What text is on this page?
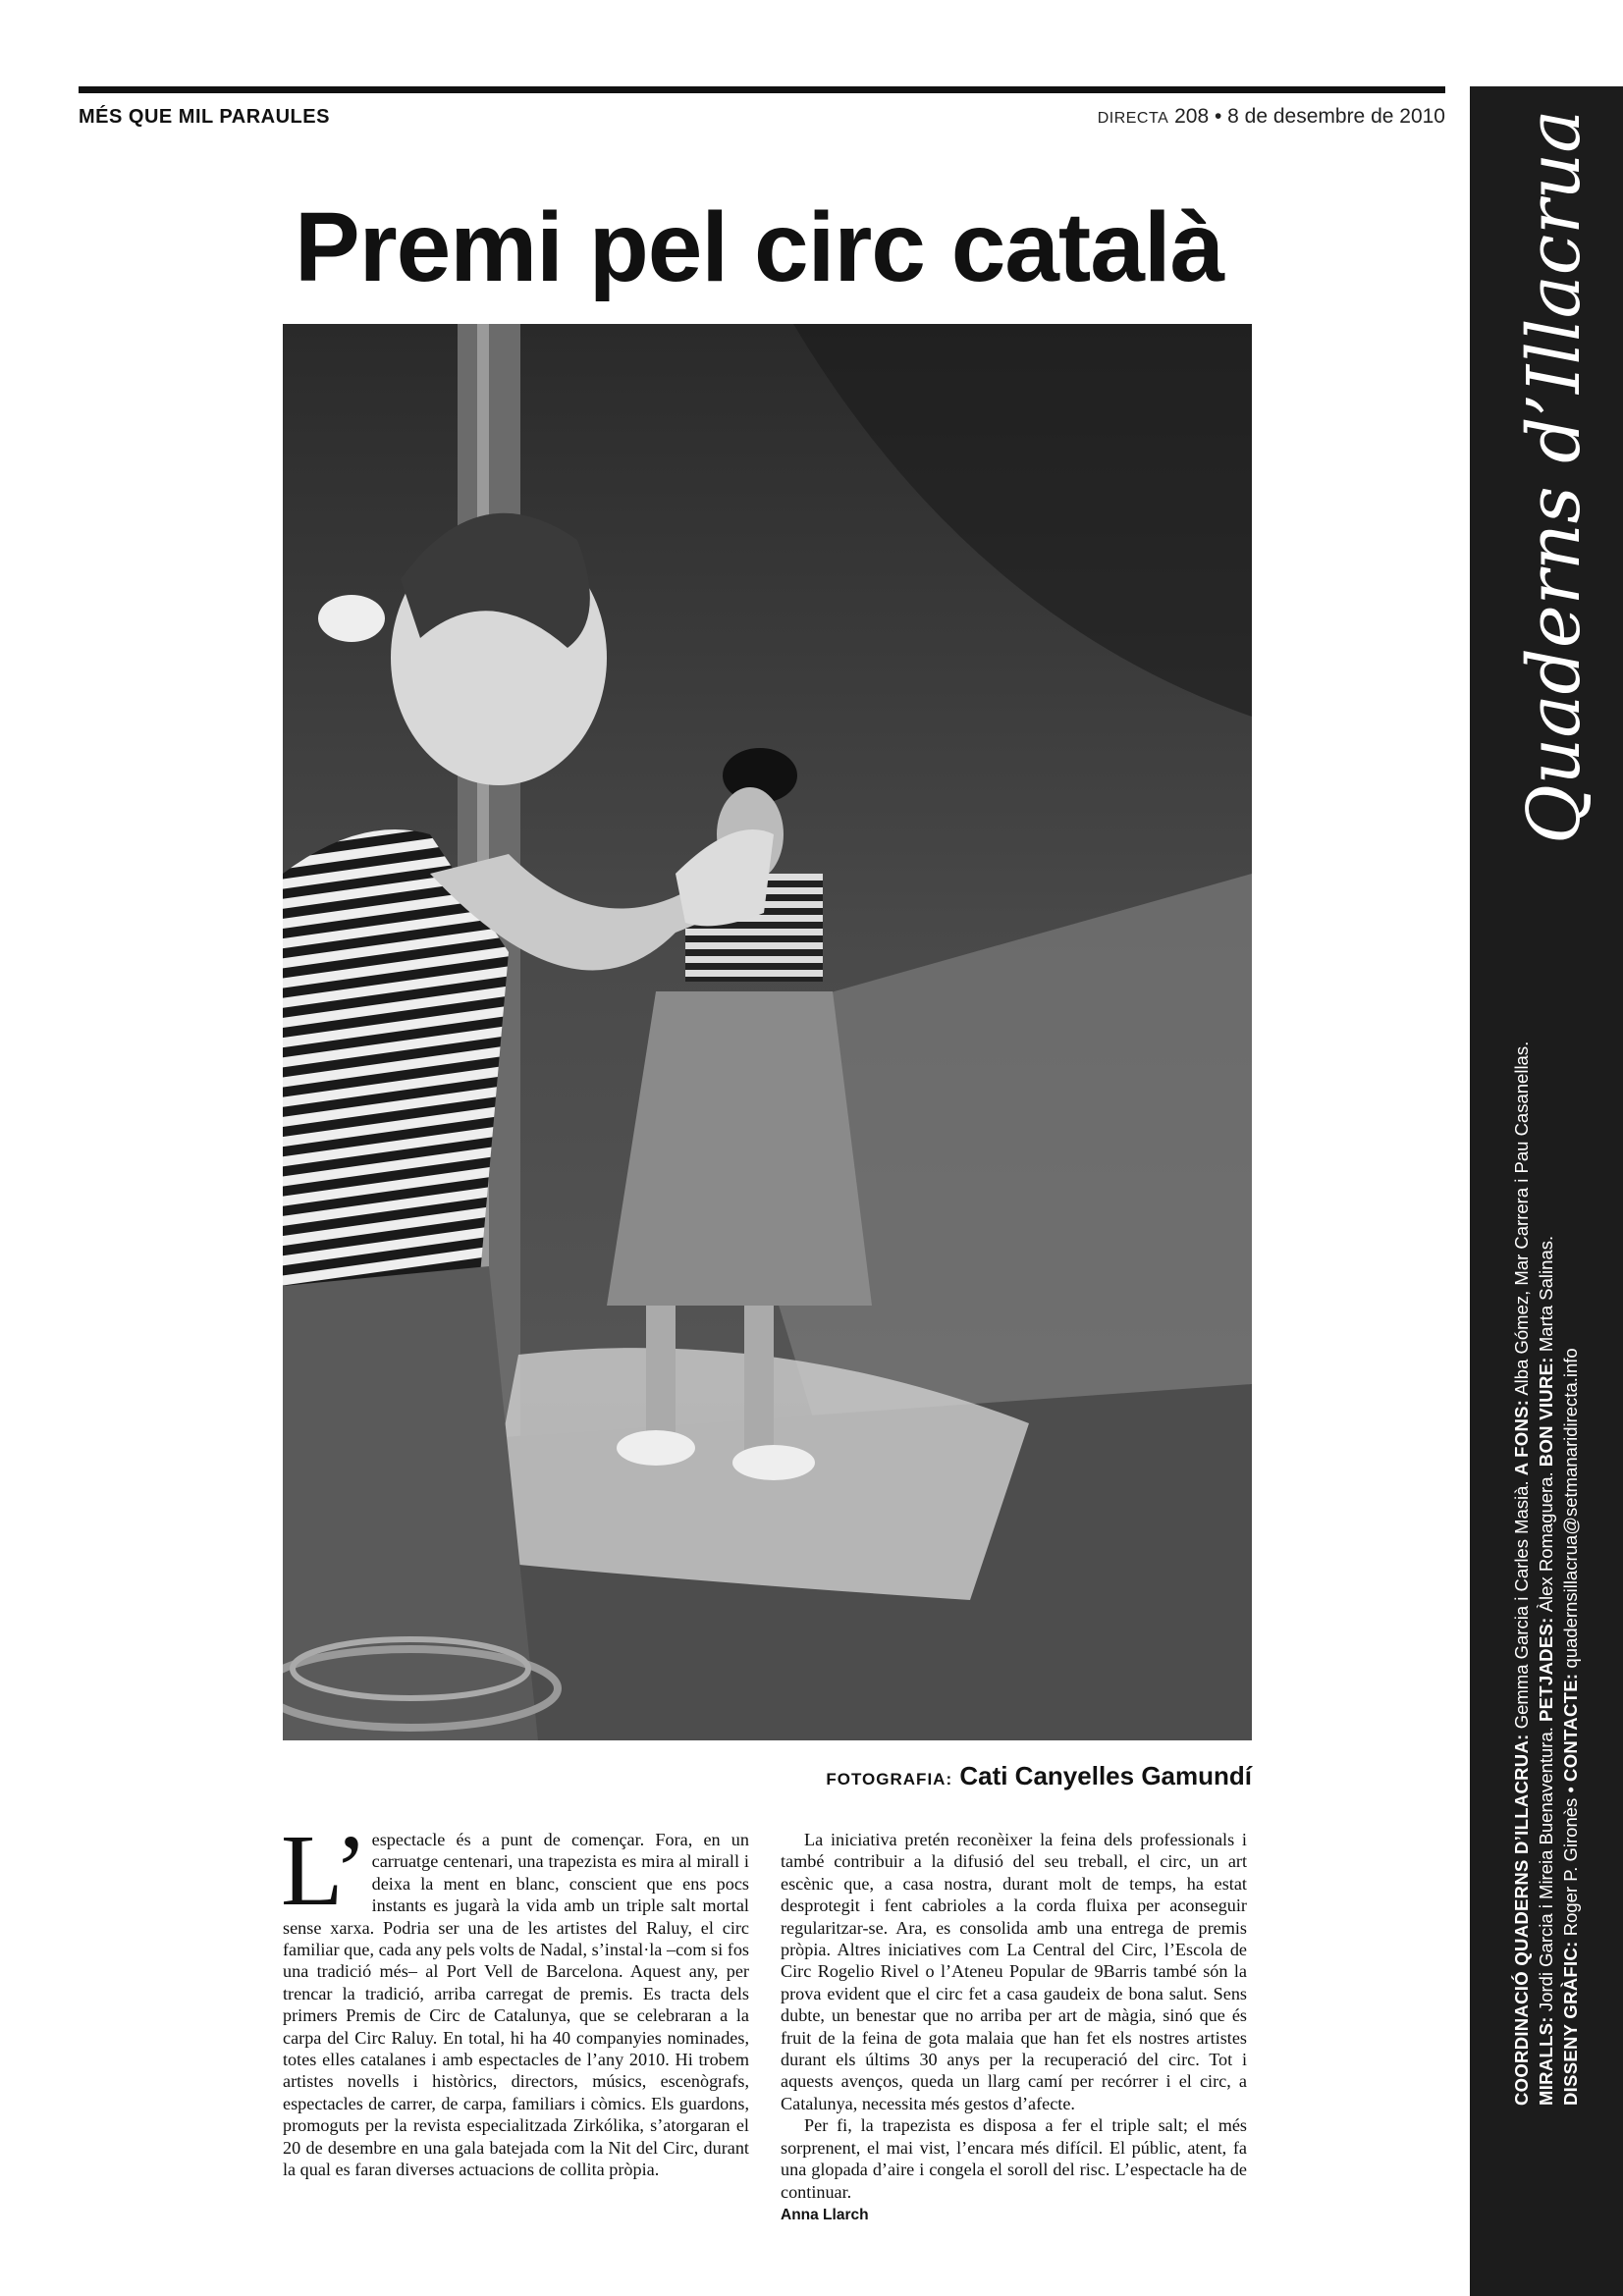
MÉS QUE MIL PARAULES	DIRECTA 208 • 8 de desembre de 2010
Premi pel circ català
FOTOGRAFIA: Cati Canyelles Gamundí

L’ espectacle és a punt de començar. Fora, en un carruatge centenari, una trapezista es mira al mirall i deixa la ment en blanc, conscient que ens pocs instants es jugarà la vida amb un triple salt mortal sense xarxa. Podria ser una de les artistes del Raluy, el circ familiar que, cada any pels volts de Nadal, s’instal·la –com si fos una tradició més– al Port Vell de Barcelona. Aquest any, per trencar la tradició, arriba carregat de premis. Es tracta dels primers Premis de Circ de Catalunya, que se celebraran a la carpa del Circ Raluy. En total, hi ha 40 companyies nominades, totes elles catalanes i amb espectacles de l’any 2010. Hi trobem artistes novells i històrics, directors, músics, escenògrafs, espectacles de carrer, de carpa, familiars i còmics. Els guardons, promoguts per la revista especialitzada Zirkólika, s’atorgaran el 20 de desembre en una gala batejada com la Nit del Circ, durant la qual es faran diverses actuacions de collita pròpia.

La iniciativa pretén reconèixer la feina dels professionals i també contribuir a la difusió del seu treball, el circ, un art escènic que, a casa nostra, durant molt de temps, ha estat desprotegit i fent cabrioles a la corda fluixa per aconseguir regularitzar-se. Ara, es consolida amb una entrega de premis pròpia. Altres iniciatives com La Central del Circ, l’Escola de Circ Rogelio Rivel o l’Ateneu Popular de 9Barris també són la prova evident que el circ fet a casa gaudeix de bona salut. Sens dubte, un benestar que no arriba per art de màgia, sinó que és fruit de la feina de gota malaia que han fet els nostres artistes durant els últims 30 anys per la recuperació del circ. Tot i aquests avenços, queda un llarg camí per recórrer i el circ, a Catalunya, necessita més gestos d’afecte.

Per fi, la trapezista es disposa a fer el triple salt; el més sorprenent, el mai vist, l’encara més difícil. El públic, atent, fa una glopada d’aire i congela el soroll del risc. L’espectacle ha de continuar.

Anna Llarch
Quaderns d’Illacrua
COORDINACIÓ QUADERNS D’ILLACRUA: Gemma Garcia i Carles Masià. A FONS: Alba Gómez, Mar Carrera i Pau Casanellas.
MIRALLS: Jordi Garcia i Mireia Buenaventura. PETJADES: Àlex Romaguera. BON VIURE: Marta Salinas.
DISSENY GRÀFIC: Roger P. Gironès • CONTACTE: quadernsillacrua@setmanaridirecta.info
